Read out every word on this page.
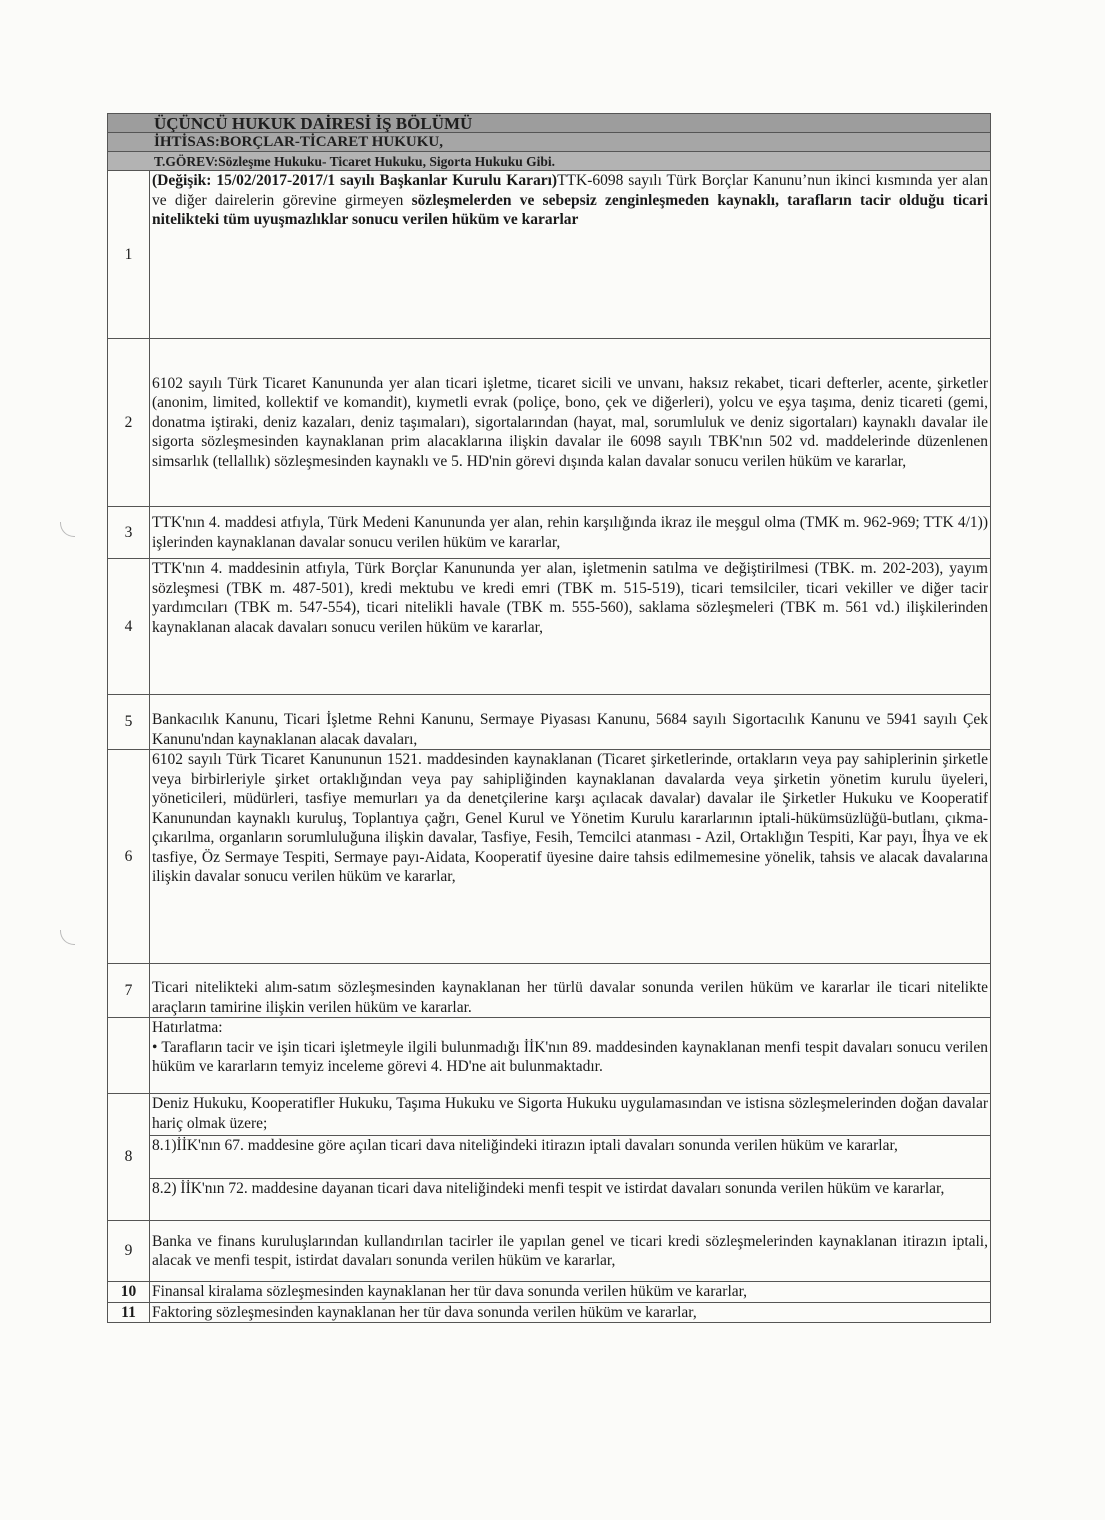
ÜÇÜNCÜ HUKUK DAİRESİ İŞ BÖLÜMÜ
İHTİSAS:BORÇLAR-TİCARET HUKUKU,
T.GÖREV:Sözleşme Hukuku- Ticaret Hukuku, Sigorta Hukuku Gibi.
1	(Değişik: 15/02/2017-2017/1 sayılı Başkanlar Kurulu Kararı)TTK-6098 sayılı Türk Borçlar Kanunu’nun ikinci kısmında yer alan ve diğer dairelerin görevine girmeyen sözleşmelerden ve sebepsiz zenginleşmeden kaynaklı, tarafların tacir olduğu ticari nitelikteki tüm uyuşmazlıklar sonucu verilen hüküm ve kararlar
2	6102 sayılı Türk Ticaret Kanununda yer alan ticari işletme, ticaret sicili ve unvanı, haksız rekabet, ticari defterler, acente, şirketler (anonim, limited, kollektif ve komandit), kıymetli evrak (poliçe, bono, çek ve diğerleri), yolcu ve eşya taşıma, deniz ticareti (gemi, donatma iştiraki, deniz kazaları, deniz taşımaları), sigortalarından (hayat, mal, sorumluluk ve deniz sigortaları) kaynaklı davalar ile sigorta sözleşmesinden kaynaklanan prim alacaklarına ilişkin davalar ile 6098 sayılı TBK'nın 502 vd. maddelerinde düzenlenen simsarlık (tellallık) sözleşmesinden kaynaklı ve 5. HD'nin görevi dışında kalan davalar sonucu verilen hüküm ve kararlar,
3	TTK'nın 4. maddesi atfıyla, Türk Medeni Kanununda yer alan, rehin karşılığında ikraz ile meşgul olma (TMK m. 962-969; TTK 4/1)) işlerinden kaynaklanan davalar sonucu verilen hüküm ve kararlar,
4	TTK'nın 4. maddesinin atfıyla, Türk Borçlar Kanununda yer alan, işletmenin satılma ve değiştirilmesi (TBK. m. 202-203), yayım sözleşmesi (TBK m. 487-501), kredi mektubu ve kredi emri (TBK m. 515-519), ticari temsilciler, ticari vekiller ve diğer tacir yardımcıları (TBK m. 547-554), ticari nitelikli havale (TBK m. 555-560), saklama sözleşmeleri (TBK m. 561 vd.) ilişkilerinden kaynaklanan alacak davaları sonucu verilen hüküm ve kararlar,
5	Bankacılık Kanunu, Ticari İşletme Rehni Kanunu, Sermaye Piyasası Kanunu, 5684 sayılı Sigortacılık Kanunu ve 5941 sayılı Çek Kanunu'ndan kaynaklanan alacak davaları,
6	6102 sayılı Türk Ticaret Kanununun 1521. maddesinden kaynaklanan (Ticaret şirketlerinde, ortakların veya pay sahiplerinin şirketle veya birbirleriyle şirket ortaklığından veya pay sahipliğinden kaynaklanan davalarda veya şirketin yönetim kurulu üyeleri, yöneticileri, müdürleri, tasfiye memurları ya da denetçilerine karşı açılacak davalar) davalar ile Şirketler Hukuku ve Kooperatif Kanunundan kaynaklı kuruluş, Toplantıya çağrı, Genel Kurul ve Yönetim Kurulu kararlarının iptali-hükümsüzlüğü-butlanı, çıkma-çıkarılma, organların sorumluluğuna ilişkin davalar, Tasfiye, Fesih, Temcilci atanması - Azil, Ortaklığın Tespiti, Kar payı, İhya ve ek tasfiye, Öz Sermaye Tespiti, Sermaye payı-Aidata, Kooperatif üyesine daire tahsis edilmemesine yönelik, tahsis ve alacak davalarına ilişkin davalar sonucu verilen hüküm ve kararlar,
7	Ticari nitelikteki alım-satım sözleşmesinden kaynaklanan her türlü davalar sonunda verilen hüküm ve kararlar ile ticari nitelikte araçların tamirine ilişkin verilen hüküm ve kararlar.

	Hatırlatma:
• Tarafların tacir ve işin ticari işletmeyle ilgili bulunmadığı İİK'nın 89. maddesinden kaynaklanan menfi tespit davaları sonucu verilen hüküm ve kararların temyiz inceleme görevi 4. HD'ne ait bulunmaktadır.

8	Deniz Hukuku, Kooperatifler Hukuku, Taşıma Hukuku ve Sigorta Hukuku uygulamasından ve istisna sözleşmelerinden doğan davalar hariç olmak üzere;
	8.1)İİK'nın 67. maddesine göre açılan ticari dava niteliğindeki itirazın iptali davaları sonunda verilen hüküm ve kararlar,
	8.2) İİK'nın 72. maddesine dayanan ticari dava niteliğindeki menfi tespit ve istirdat davaları sonunda verilen hüküm ve kararlar,
9	Banka ve finans kuruluşlarından kullandırılan tacirler ile yapılan genel ve ticari kredi sözleşmelerinden kaynaklanan itirazın iptali, alacak ve menfi tespit, istirdat davaları sonunda verilen hüküm ve kararlar,
10	Finansal kiralama sözleşmesinden kaynaklanan her tür dava sonunda verilen hüküm ve kararlar,
11	Faktoring sözleşmesinden kaynaklanan her tür dava sonunda verilen hüküm ve kararlar,
